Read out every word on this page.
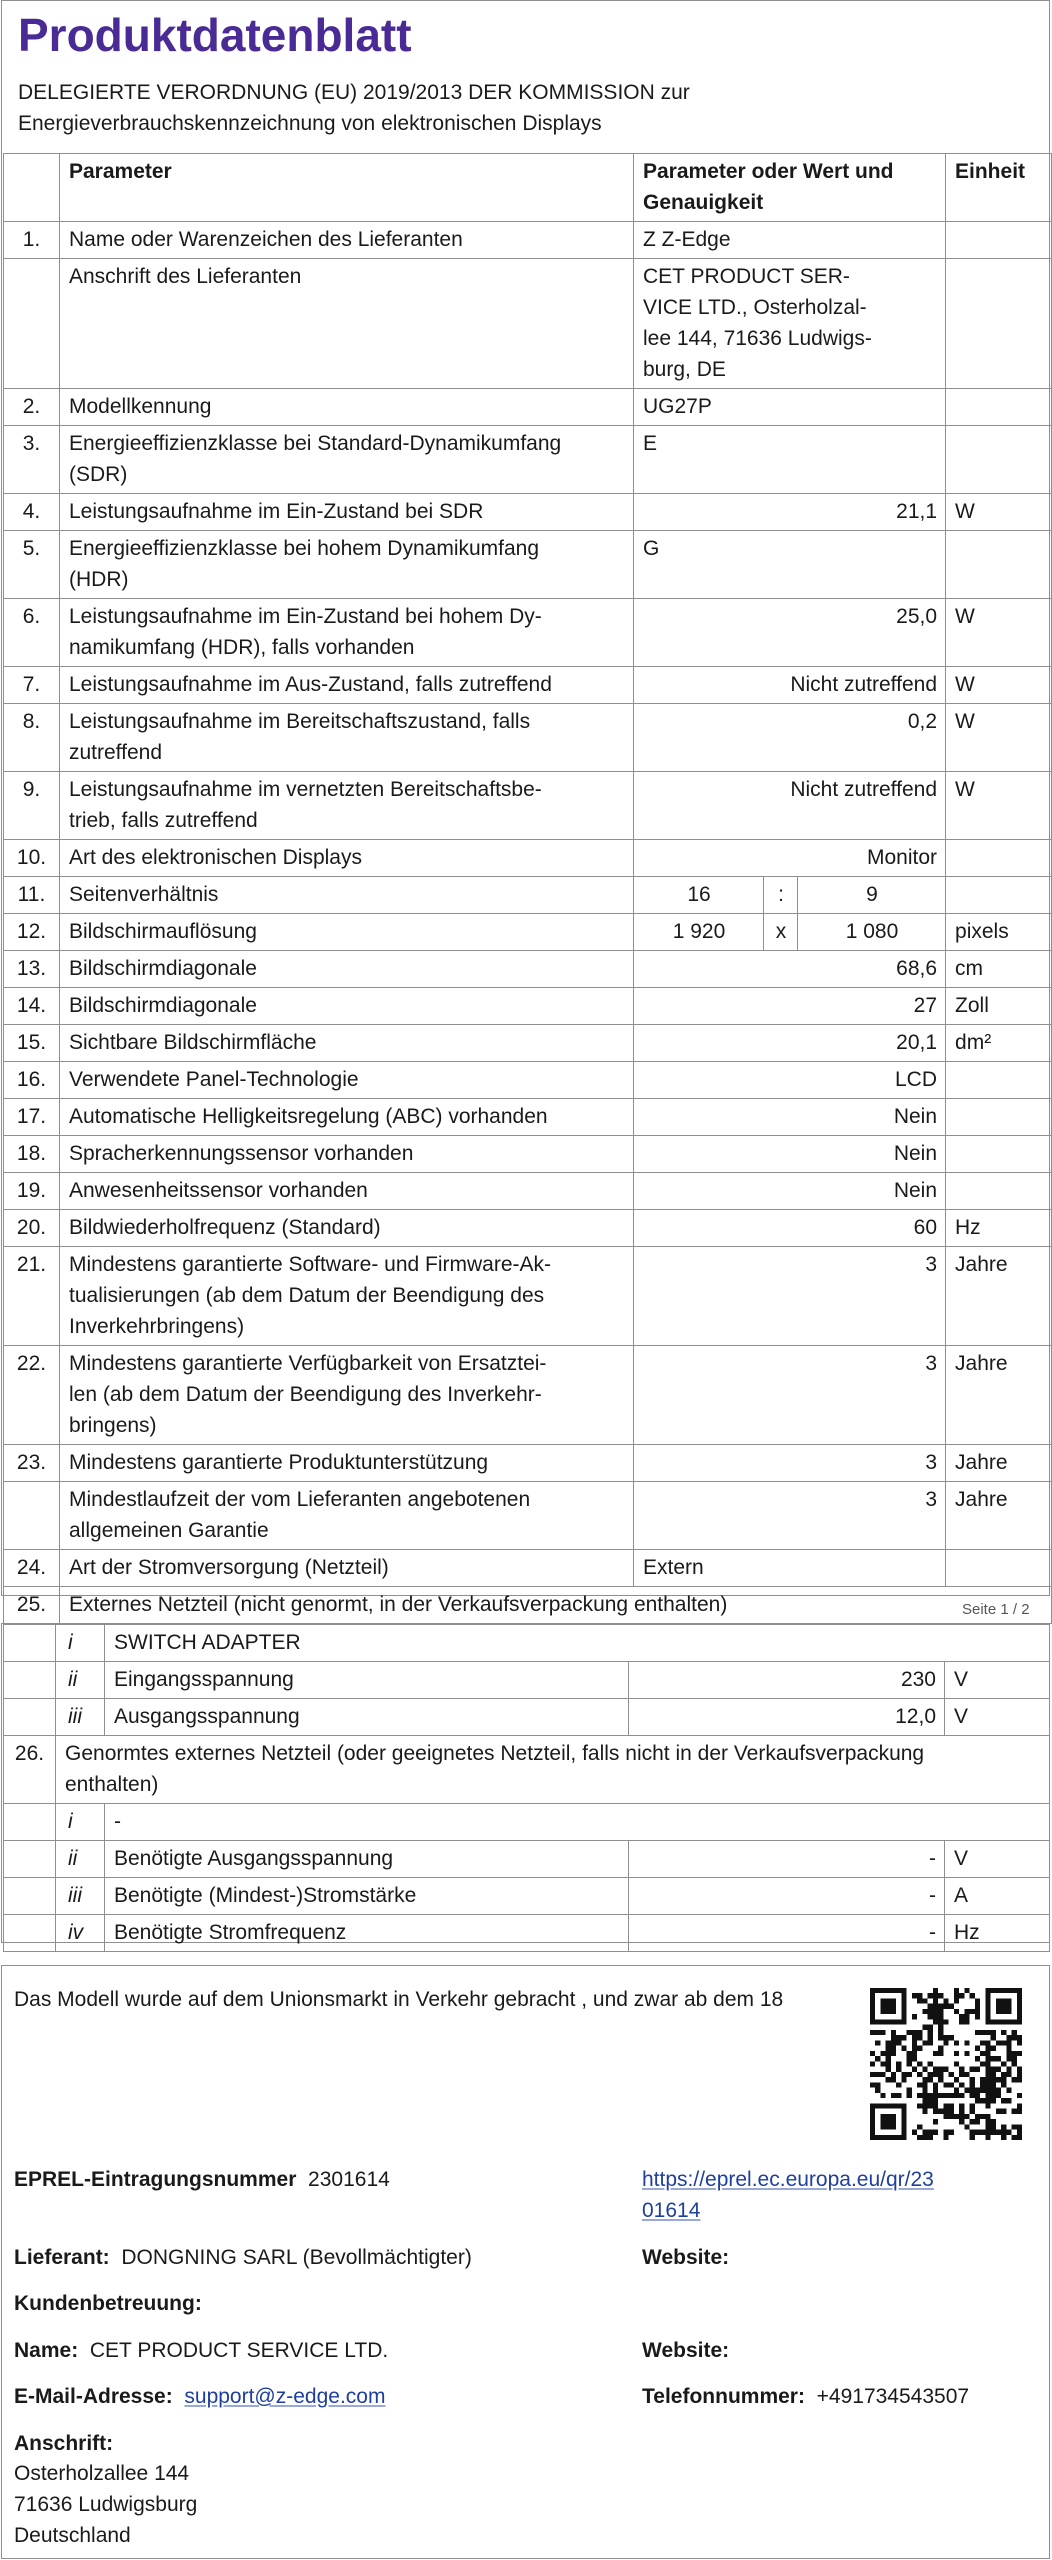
Produktdatenblatt
DELEGIERTE VERORDNUNG (EU) 2019/2013 DER KOMMISSION zur
Energieverbrauchskennzeichnung von elektronischen Displays
	Parameter	Parameter oder Wert und
Genauigkeit			Einheit
1.	Name oder Warenzeichen des Lieferanten	Z Z-Edge			
	Anschrift des Lieferanten	CET PRODUCT SER-
VICE LTD., Osterholzal-
lee 144, 71636 Ludwigs-
burg, DE			

2.	Modellkennung	UG27P			
3.	Energieeffizienzklasse bei Standard-Dynamikumfang
(SDR)	E			
4.	Leistungsaufnahme im Ein-Zustand bei SDR	21,1			W
5.	Energieeffizienzklasse bei hohem Dynamikumfang
(HDR)	G			
6.	Leistungsaufnahme im Ein-Zustand bei hohem Dy-
namikumfang (HDR), falls vorhanden	25,0			W
7.	Leistungsaufnahme im Aus-Zustand, falls zutreffend	Nicht zutreffend			W
8.	Leistungsaufnahme im Bereitschaftszustand, falls
zutreffend	0,2			W
9.	Leistungsaufnahme im vernetzten Bereitschaftsbe-
trieb, falls zutreffend	Nicht zutreffend			W
10.	Art des elektronischen Displays	Monitor			
11.	Seitenverhältnis	16	:	9	
12.	Bildschirmauflösung	1 920	x	1 080	pixels
13.	Bildschirmdiagonale	68,6			cm
14.	Bildschirmdiagonale	27			Zoll
15.	Sichtbare Bildschirmfläche	20,1			dm²
16.	Verwendete Panel-Technologie	LCD			
17.	Automatische Helligkeitsregelung (ABC) vorhanden	Nein			
18.	Spracherkennungssensor vorhanden	Nein			
19.	Anwesenheitssensor vorhanden	Nein			
20.	Bildwiederholfrequenz (Standard)	60			Hz
21.	Mindestens garantierte Software- und Firmware-Ak-
tualisierungen (ab dem Datum der Beendigung des
Inverkehrbringens)	3			Jahre
22.	Mindestens garantierte Verfügbarkeit von Ersatztei-
len (ab dem Datum der Beendigung des Inverkehr-
bringens)	3			Jahre
23.	Mindestens garantierte Produktunterstützung	3			Jahre

	Mindestlaufzeit der vom Lieferanten angebotenen
allgemeinen Garantie	3			Jahre
24.	Art der Stromversorgung (Netzteil)	Extern			
25.	Externes Netzteil (nicht genormt, in der Verkaufsverpackung enthalten)					Seite 1 / 2
	i	SWITCH ADAPTER		
	ii	Eingangsspannung	230	V
	iii	Ausgangsspannung	12,0	V
26.	Genormtes externes Netzteil (oder geeignetes Netzteil, falls nicht in der Verkaufsverpackung
enthalten)			

	i	-		
	ii	Benötigte Ausgangsspannung	-	V
	iii	Benötigte (Mindest-)Stromstärke	-	A
	iv	Benötigte Stromfrequenz	-	Hz
Das Modell wurde auf dem Unionsmarkt in Verkehr gebracht , und zwar ab dem 18
EPREL-Eintragungsnummer 2301614	https://eprel.ec.europa.eu/qr/23
01614
Lieferant: DONGNING SARL (Bevollmächtigter)	Website:
Kundenbetreuung:
Name: CET PRODUCT SERVICE LTD.	Website:
E-Mail-Adresse: support@z-edge.com	Telefonnummer: +491734543507
Anschrift:
Osterholzallee 144
71636 Ludwigsburg
Deutschland
